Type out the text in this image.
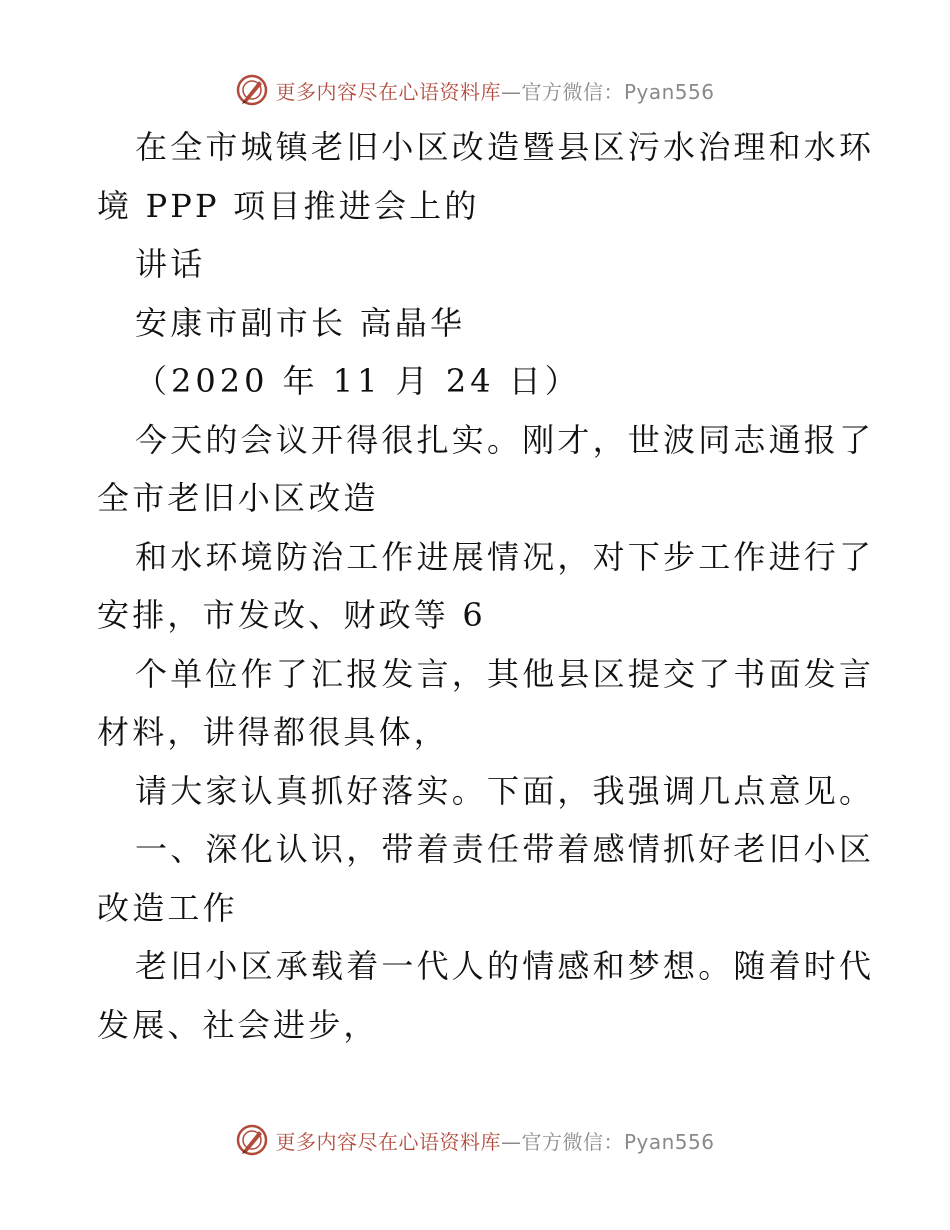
更多内容尽在心语资料库—官方微信：Pyan556
在全市城镇老旧小区改造暨县区污水治理和水环
境 PPP 项目推进会上的
讲话
安康市副市长 高晶华
（2020 年 11 月 24 日）
今天的会议开得很扎实。刚才，世波同志通报了
全市老旧小区改造
和水环境防治工作进展情况，对下步工作进行了
安排，市发改、财政等 6
个单位作了汇报发言，其他县区提交了书面发言
材料，讲得都很具体，
请大家认真抓好落实。下面，我强调几点意见。
一、深化认识，带着责任带着感情抓好老旧小区
改造工作
老旧小区承载着一代人的情感和梦想。随着时代
发展、社会进步，
更多内容尽在心语资料库—官方微信：Pyan556
